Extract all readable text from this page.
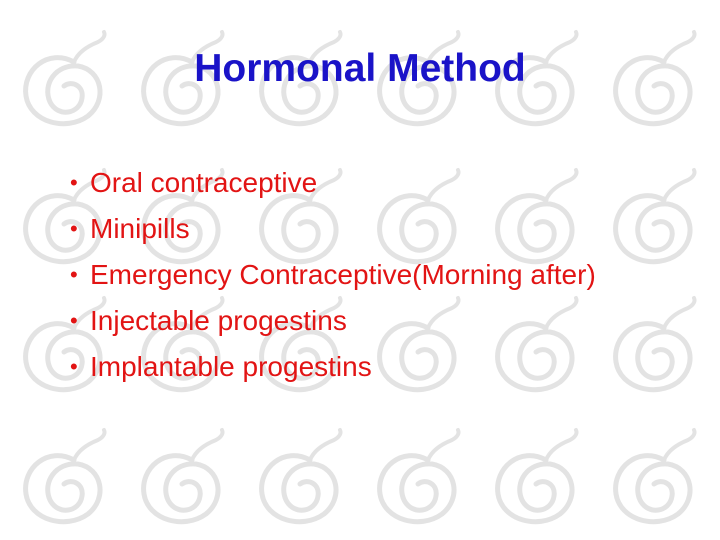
Hormonal Method
• Oral contraceptive
• Minipills
• Emergency Contraceptive(Morning after)
• Injectable progestins
• Implantable progestins
